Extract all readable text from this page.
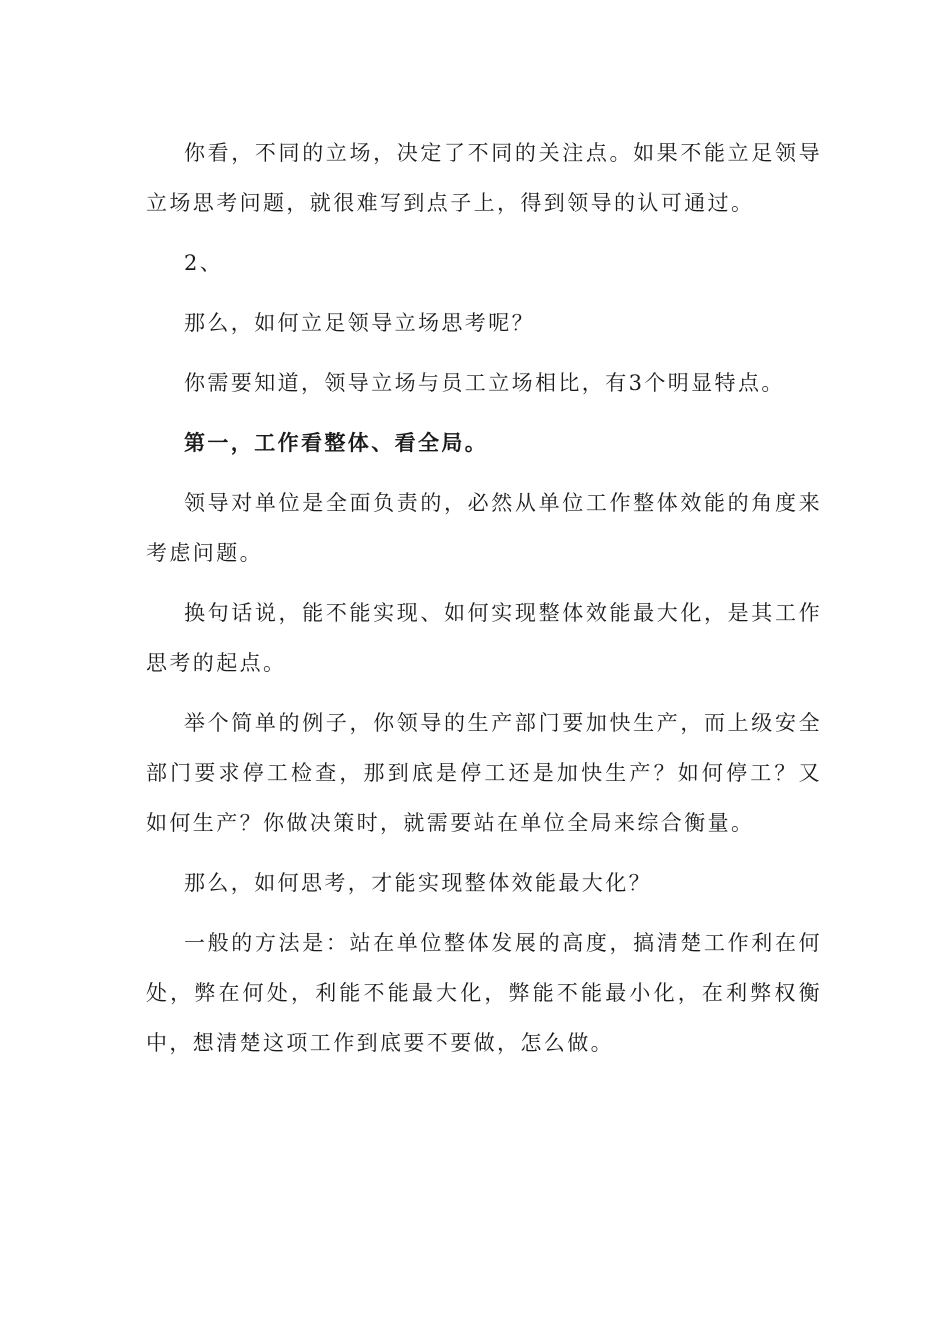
你看，不同的立场，决定了不同的关注点。如果不能立足领导立场思考问题，就很难写到点子上，得到领导的认可通过。

2、

那么，如何立足领导立场思考呢？

你需要知道，领导立场与员工立场相比，有3个明显特点。

第一，工作看整体、看全局。

领导对单位是全面负责的，必然从单位工作整体效能的角度来考虑问题。

换句话说，能不能实现、如何实现整体效能最大化，是其工作思考的起点。

举个简单的例子，你领导的生产部门要加快生产，而上级安全部门要求停工检查，那到底是停工还是加快生产？如何停工？又如何生产？你做决策时，就需要站在单位全局来综合衡量。

那么，如何思考，才能实现整体效能最大化？

一般的方法是：站在单位整体发展的高度，搞清楚工作利在何处，弊在何处，利能不能最大化，弊能不能最小化，在利弊权衡中，想清楚这项工作到底要不要做，怎么做。
